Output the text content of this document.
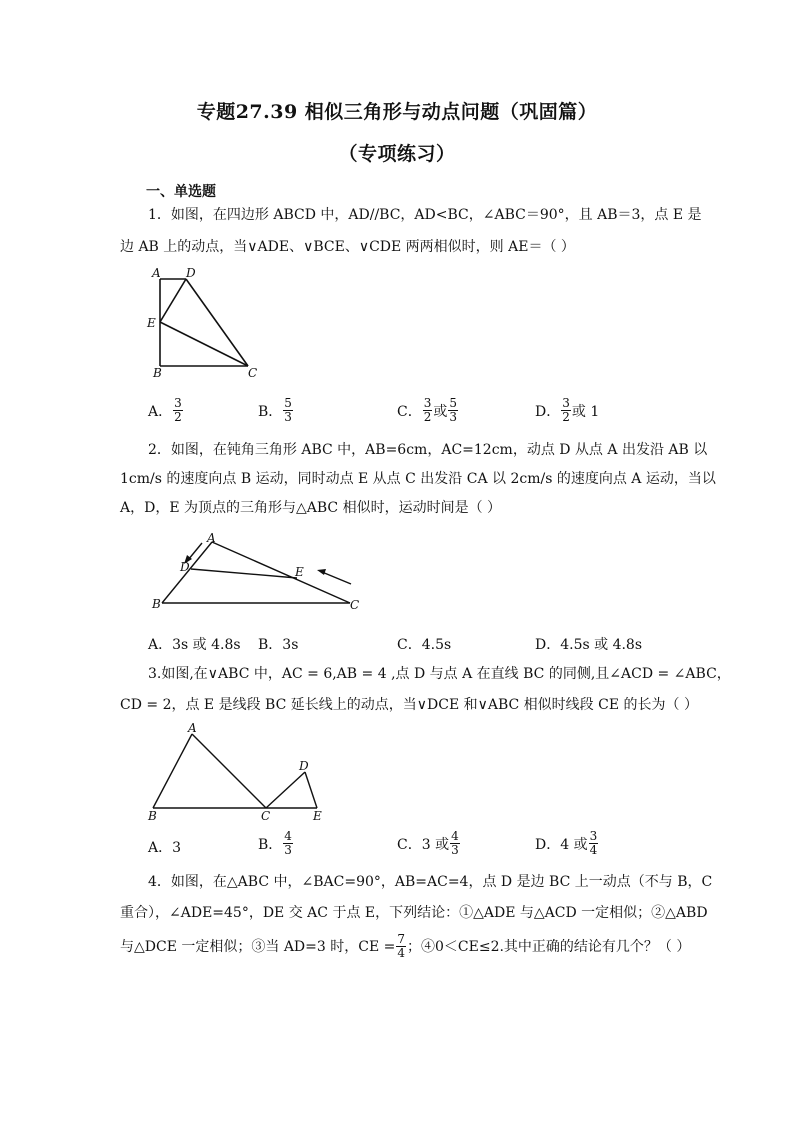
专题27.39 相似三角形与动点问题（巩固篇）
（专项练习）
一、单选题
1．如图，在四边形 ABCD 中，AD//BC，AD<BC，∠ABC＝90°，且 AB＝3，点 E 是
边 AB 上的动点，当∨ADE、∨BCE、∨CDE 两两相似时，则 AE＝（ ）
A D
E
B	C
A． $\frac{3}{2}$	B． $\frac{5}{3}$	C． $\frac{3}{2}$ 或 $\frac{5}{3}$	D． $\frac{3}{2}$ 或 1
2．如图，在钝角三角形 ABC 中，AB=6cm，AC=12cm，动点 D 从点 A 出发沿 AB 以
1cm/s 的速度向点 B 运动，同时动点 E 从点 C 出发沿 CA 以 2cm/s 的速度向点 A 运动，当以
A，D，E 为顶点的三角形与△ABC 相似时，运动时间是（ ）
A
D	E
B	C
A．3s 或 4.8s B．3s	C．4.5s	D．4.5s 或 4.8s
3.如图,在∨ABC 中，AC = 6,AB = 4 ,点 D 与点 A 在直线 BC 的同侧,且∠ACD = ∠ABC，
CD = 2，点 E 是线段 BC 延长线上的动点，当∨DCE 和∨ABC 相似时线段 CE 的长为（ ）
A
D
B	C	E
A．3	B． $\frac{4}{3}$	C．3 或 $\frac{4}{3}$	D．4 或 $\frac{3}{4}$
4．如图，在△ABC 中，∠BAC=90°，AB=AC=4，点 D 是边 BC 上一动点（不与 B，C
重合），∠ADE=45°，DE 交 AC 于点 E，下列结论：①△ADE 与△ACD 一定相似；②△ABD
与△DCE 一定相似；③当 AD=3 时，CE = $\frac{7}{4}$ ；④0＜CE≤2.其中正确的结论有几个？（ ）
